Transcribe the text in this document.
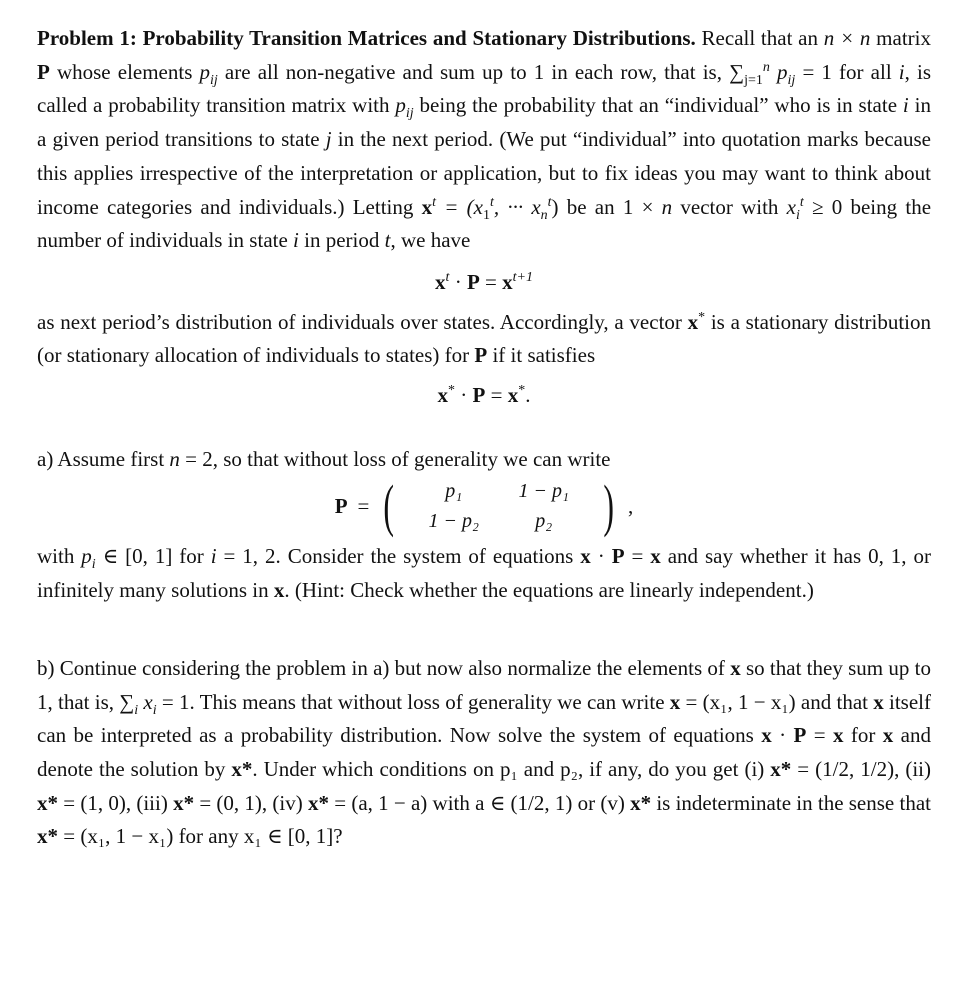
Problem 1: Probability Transition Matrices and Stationary Distributions. Recall that an n × n matrix P whose elements $p_{ij}$ are all non-negative and sum up to 1 in each row, that is, $\sum_{j=1}^n$ $p_{ij} = 1$ for all i, is called a probability transition matrix with $p_{ij}$ being the probability that an “individual” who is in state i in a given period transitions to state j in the next period. (We put “individual” into quotation marks because this applies irrespective of the interpretation or application, but to fix ideas you may want to think about income categories and individuals.) Letting $x^t = (x_1^t$, ··· $x_n^t$) be an 1 × n vector with $x_i^t \ge 0$ being the number of individuals in state i in period t, we have

$x^t \cdot P = x^{t+1}$

as next period’s distribution of individuals over states. Accordingly, a vector x* is a stationary distribution (or stationary allocation of individuals to states) for P if it satisfies

x* · P = x*.

a) Assume first n = 2, so that without loss of generality we can write

P = (	p₁	1 − p₁
1 − p₂	p₂ ) ,

with $p_i$ ∈ [0, 1] for i = 1, 2. Consider the system of equations x · P = x and say whether it has 0, 1, or infinitely many solutions in x. (Hint: Check whether the equations are linearly independent.)

b) Continue considering the problem in a) but now also normalize the elements of x so that they sum up to 1, that is, $\sum_i$ $x_i = 1$. This means that without loss of generality we can write x = (x₁, 1 − x₁) and that x itself can be interpreted as a probability distribution. Now solve the system of equations x · P = x for x and denote the solution by x*. Under which conditions on p₁ and p₂, if any, do you get (i) x* = (1/2, 1/2), (ii) x* = (1, 0), (iii) x* = (0, 1), (iv) x* = (a, 1 − a) with a ∈ (1/2, 1) or (v) x* is indeterminate in the sense that x* = (x₁, 1 − x₁) for any x₁ ∈ [0, 1]?
